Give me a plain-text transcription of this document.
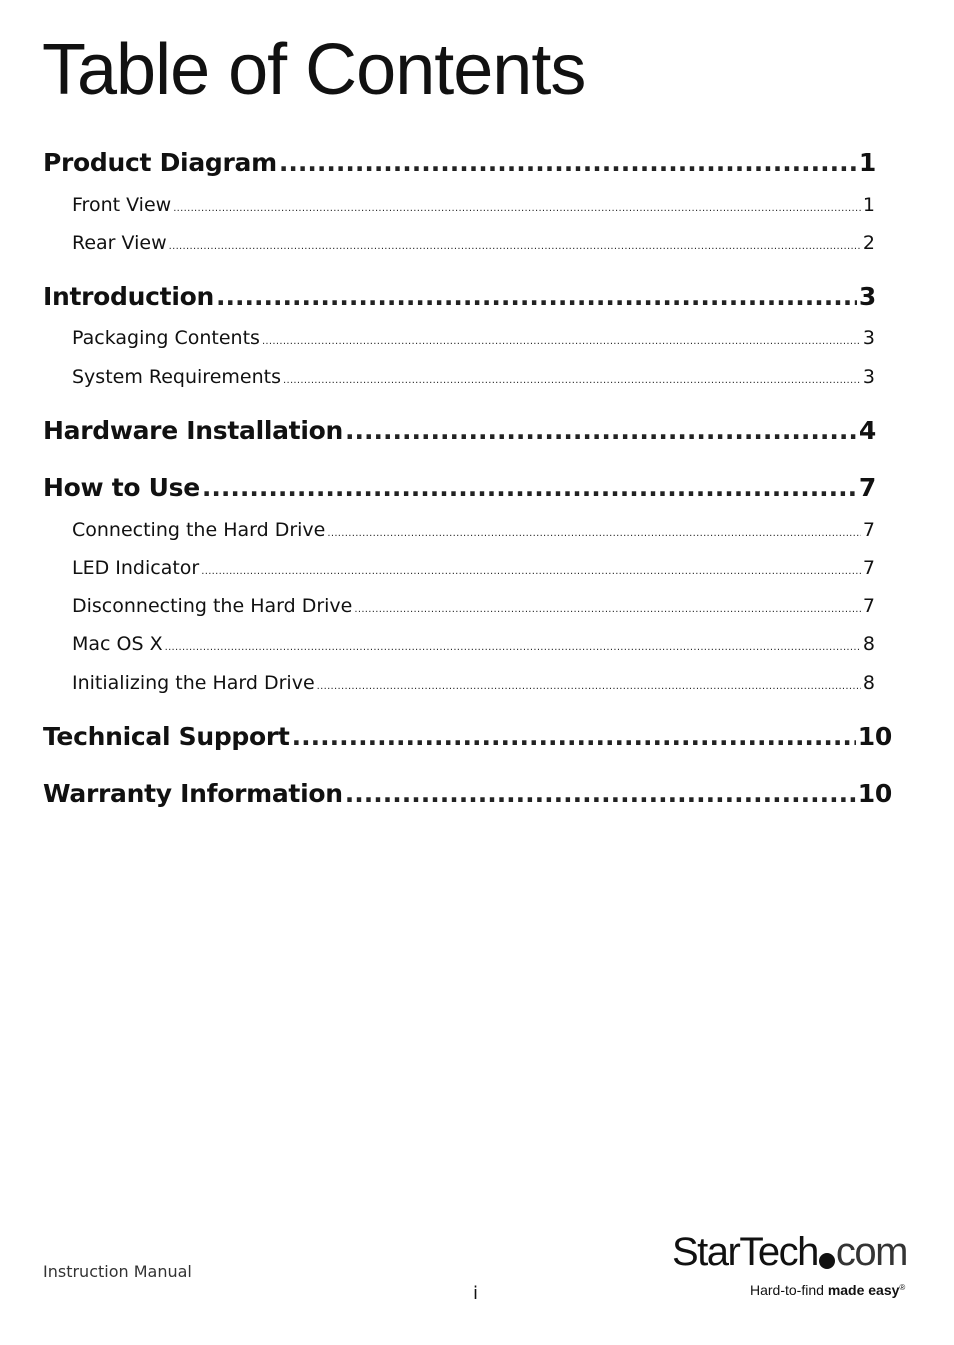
Table of Contents
Product Diagram .....	1
Front View .....	1
Rear View .....	2
Introduction .....	3
Packaging Contents .....	3
System Requirements .....	3
Hardware Installation .....	4
How to Use .....	7
Connecting the Hard Drive .....	7
LED Indicator .....	7
Disconnecting the Hard Drive .....	7
Mac OS X .....	8
Initializing the Hard Drive .....	8
Technical Support .....	10
Warranty Information .....	10
Instruction Manual
i
StarTech com
Hard-to-find made easy®
